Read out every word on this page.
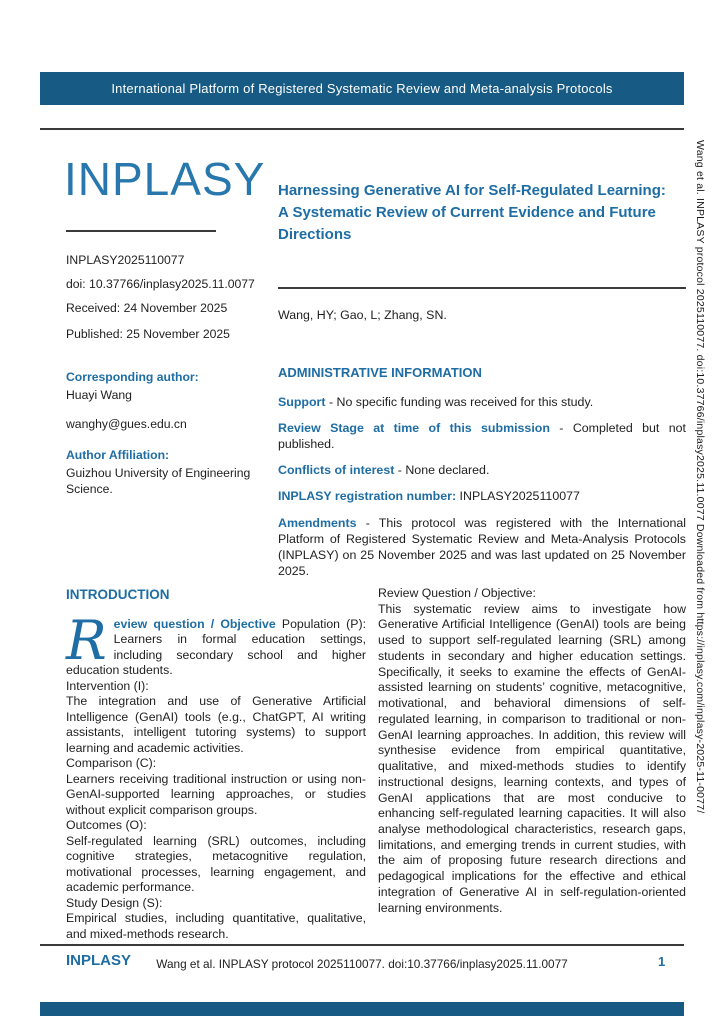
International Platform of Registered Systematic Review and Meta-analysis Protocols
Wang et al. INPLASY protocol 2025110077. doi:10.37766/inplasy2025.11.0077 Downloaded from https://inplasy.com/inplasy-2025-11-0077/
INPLASY

INPLASY2025110077

doi: 10.37766/inplasy2025.11.0077

Received: 24 November 2025

Published: 25 November 2025

Corresponding author:

Huayi Wang

wanghy@gues.edu.cn

Author Affiliation:

Guizhou University of Engineering Science.

Harnessing Generative AI for Self-Regulated Learning: A Systematic Review of Current Evidence and Future Directions
Wang, HY; Gao, L; Zhang, SN.
ADMINISTRATIVE INFORMATION

Support - No specific funding was received for this study.

Review Stage at time of this submission - Completed but not published.

Conflicts of interest - None declared.

INPLASY registration number: INPLASY2025110077

Amendments - This protocol was registered with the International Platform of Registered Systematic Review and Meta-Analysis Protocols (INPLASY) on 25 November 2025 and was last updated on 25 November 2025.

INTRODUCTION

Review question / Objective Population (P): Learners in formal education settings, including secondary school and higher education students.

Intervention (I):

The integration and use of Generative Artificial Intelligence (GenAI) tools (e.g., ChatGPT, AI writing assistants, intelligent tutoring systems) to support learning and academic activities.

Comparison (C):

Learners receiving traditional instruction or using non-GenAI-supported learning approaches, or studies without explicit comparison groups.

Outcomes (O):

Self-regulated learning (SRL) outcomes, including cognitive strategies, metacognitive regulation, motivational processes, learning engagement, and academic performance.

Study Design (S):

Empirical studies, including quantitative, qualitative, and mixed-methods research.

Review Question / Objective:

This systematic review aims to investigate how Generative Artificial Intelligence (GenAI) tools are being used to support self-regulated learning (SRL) among students in secondary and higher education settings. Specifically, it seeks to examine the effects of GenAI-assisted learning on students’ cognitive, metacognitive, motivational, and behavioral dimensions of self-regulated learning, in comparison to traditional or non-GenAI learning approaches. In addition, this review will synthesise evidence from empirical quantitative, qualitative, and mixed-methods studies to identify instructional designs, learning contexts, and types of GenAI applications that are most conducive to enhancing self-regulated learning capacities. It will also analyse methodological characteristics, research gaps, limitations, and emerging trends in current studies, with the aim of proposing future research directions and pedagogical implications for the effective and ethical integration of Generative AI in self-regulation-oriented learning environments.

INPLASY	Wang et al. INPLASY protocol 2025110077. doi:10.37766/inplasy2025.11.0077	1
